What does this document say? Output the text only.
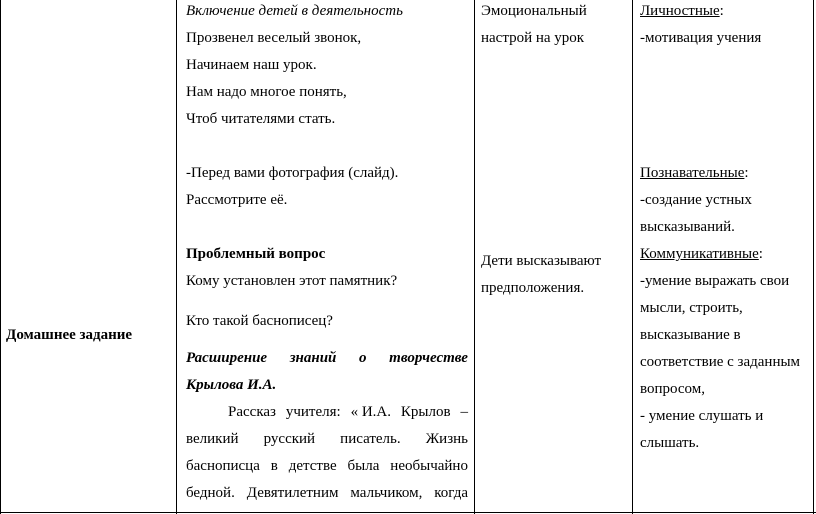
Домашнее задание
Включение детей в деятельность
Прозвенел веселый звонок,
Начинаем наш урок.
Нам надо многое понять,
Чтоб читателями стать.
-Перед вами фотография (слайд).
Рассмотрите её.
Проблемный вопрос
Кому установлен этот памятник?
Кто такой баснописец?
Расширение знаний о творчестве
Крылова И.А.
Рассказ учителя: « И.А. Крылов –
великий русский писатель. Жизнь
баснописца в детстве была необычайно
бедной. Девятилетним мальчиком, когда
Эмоциональный
настрой на урок
Дети высказывают
предположения.
Личностные:
-мотивация учения
Познавательные:
-создание устных
высказываний.
Коммуникативные:
-умение выражать свои
мысли, строить,
высказывание в
соответствие с заданным
вопросом,
- умение слушать и
слышать.
